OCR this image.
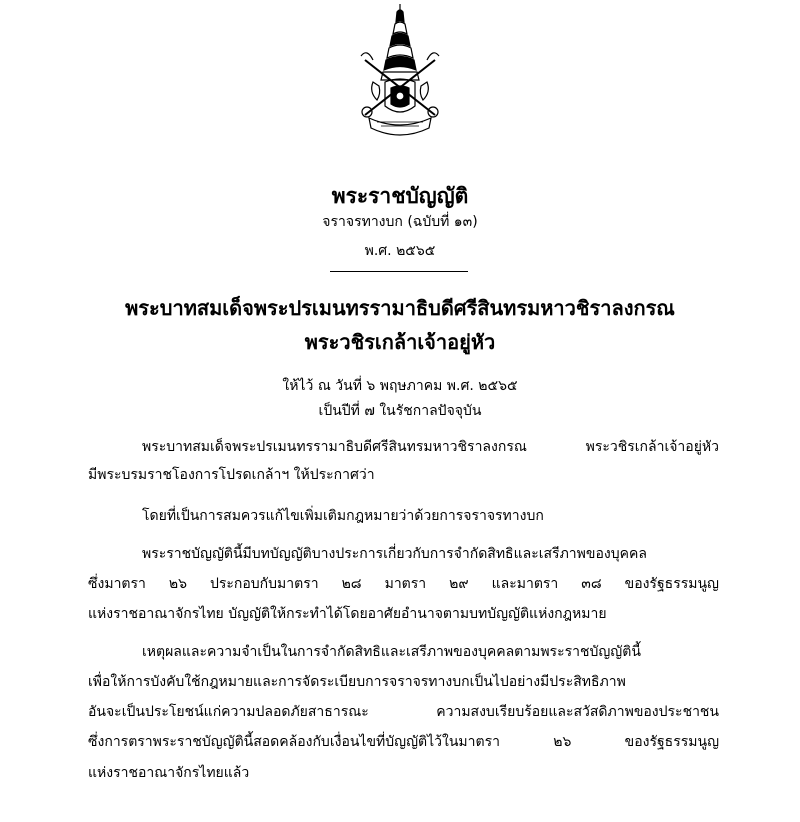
พระราชบัญญัติ
จราจรทางบก (ฉบับที่ ๑๓)
พ.ศ. ๒๕๖๕
พระบาทสมเด็จพระปรเมนทรรามาธิบดีศรีสินทรมหาวชิราลงกรณ
พระวชิรเกล้าเจ้าอยู่หัว
ให้ไว้ ณ วันที่ ๖ พฤษภาคม พ.ศ. ๒๕๖๕
เป็นปีที่ ๗ ในรัชกาลปัจจุบัน
พระบาทสมเด็จพระปรเมนทรรามาธิบดีศรีสินทรมหาวชิราลงกรณ พระวชิรเกล้าเจ้าอยู่หัว
มีพระบรมราชโองการโปรดเกล้าฯ ให้ประกาศว่า
โดยที่เป็นการสมควรแก้ไขเพิ่มเติมกฎหมายว่าด้วยการจราจรทางบก
พระราชบัญญัตินี้มีบทบัญญัติบางประการเกี่ยวกับการจำกัดสิทธิและเสรีภาพของบุคคล
ซึ่งมาตรา ๒๖ ประกอบกับมาตรา ๒๘ มาตรา ๒๙ และมาตรา ๓๘ ของรัฐธรรมนูญ
แห่งราชอาณาจักรไทย บัญญัติให้กระทำได้โดยอาศัยอำนาจตามบทบัญญัติแห่งกฎหมาย
เหตุผลและความจำเป็นในการจำกัดสิทธิและเสรีภาพของบุคคลตามพระราชบัญญัตินี้
เพื่อให้การบังคับใช้กฎหมายและการจัดระเบียบการจราจรทางบกเป็นไปอย่างมีประสิทธิภาพ
อันจะเป็นประโยชน์แก่ความปลอดภัยสาธารณะ ความสงบเรียบร้อยและสวัสดิภาพของประชาชน
ซึ่งการตราพระราชบัญญัตินี้สอดคล้องกับเงื่อนไขที่บัญญัติไว้ในมาตรา ๒๖ ของรัฐธรรมนูญ
แห่งราชอาณาจักรไทยแล้ว
